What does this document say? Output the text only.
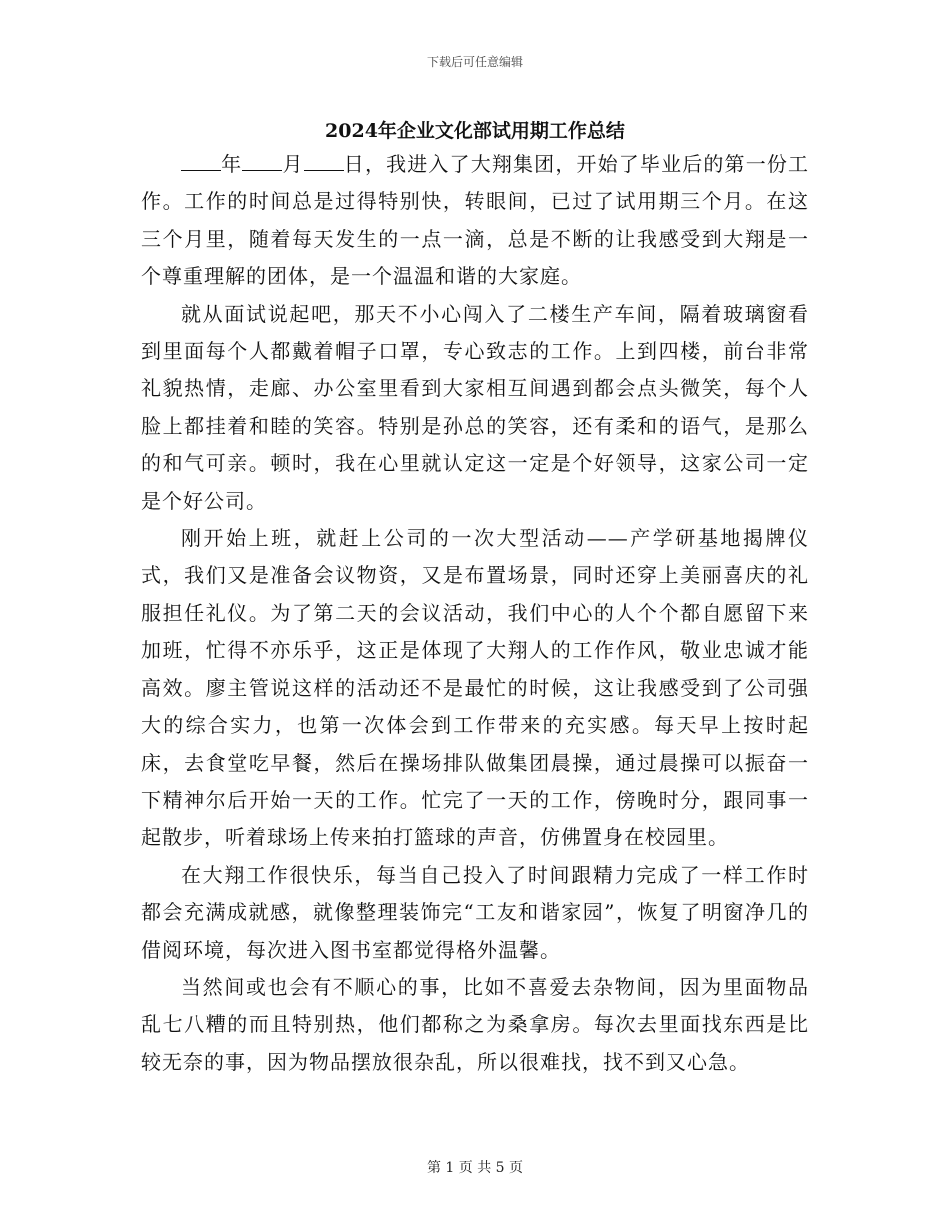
下载后可任意编辑
2024年企业文化部试用期工作总结

年 月 日，我进入了大翔集团，开始了毕业后的第一份工作。工作的时间总是过得特别快，转眼间，已过了试用期三个月。在这三个月里，随着每天发生的一点一滴，总是不断的让我感受到大翔是一个尊重理解的团体，是一个温温和谐的大家庭。

就从面试说起吧，那天不小心闯入了二楼生产车间，隔着玻璃窗看到里面每个人都戴着帽子口罩，专心致志的工作。上到四楼，前台非常礼貌热情，走廊、办公室里看到大家相互间遇到都会点头微笑，每个人脸上都挂着和睦的笑容。特别是孙总的笑容，还有柔和的语气，是那么的和气可亲。顿时，我在心里就认定这一定是个好领导，这家公司一定是个好公司。

刚开始上班，就赶上公司的一次大型活动——产学研基地揭牌仪式，我们又是准备会议物资，又是布置场景，同时还穿上美丽喜庆的礼服担任礼仪。为了第二天的会议活动，我们中心的人个个都自愿留下来加班，忙得不亦乐乎，这正是体现了大翔人的工作作风，敬业忠诚才能高效。廖主管说这样的活动还不是最忙的时候，这让我感受到了公司强大的综合实力，也第一次体会到工作带来的充实感。每天早上按时起床，去食堂吃早餐，然后在操场排队做集团晨操，通过晨操可以振奋一下精神尔后开始一天的工作。忙完了一天的工作，傍晚时分，跟同事一起散步，听着球场上传来拍打篮球的声音，仿佛置身在校园里。

在大翔工作很快乐，每当自己投入了时间跟精力完成了一样工作时都会充满成就感，就像整理装饰完“工友和谐家园”，恢复了明窗净几的借阅环境，每次进入图书室都觉得格外温馨。

当然间或也会有不顺心的事，比如不喜爱去杂物间，因为里面物品乱七八糟的而且特别热，他们都称之为桑拿房。每次去里面找东西是比较无奈的事，因为物品摆放很杂乱，所以很难找，找不到又心急。

第 1 页 共 5 页
